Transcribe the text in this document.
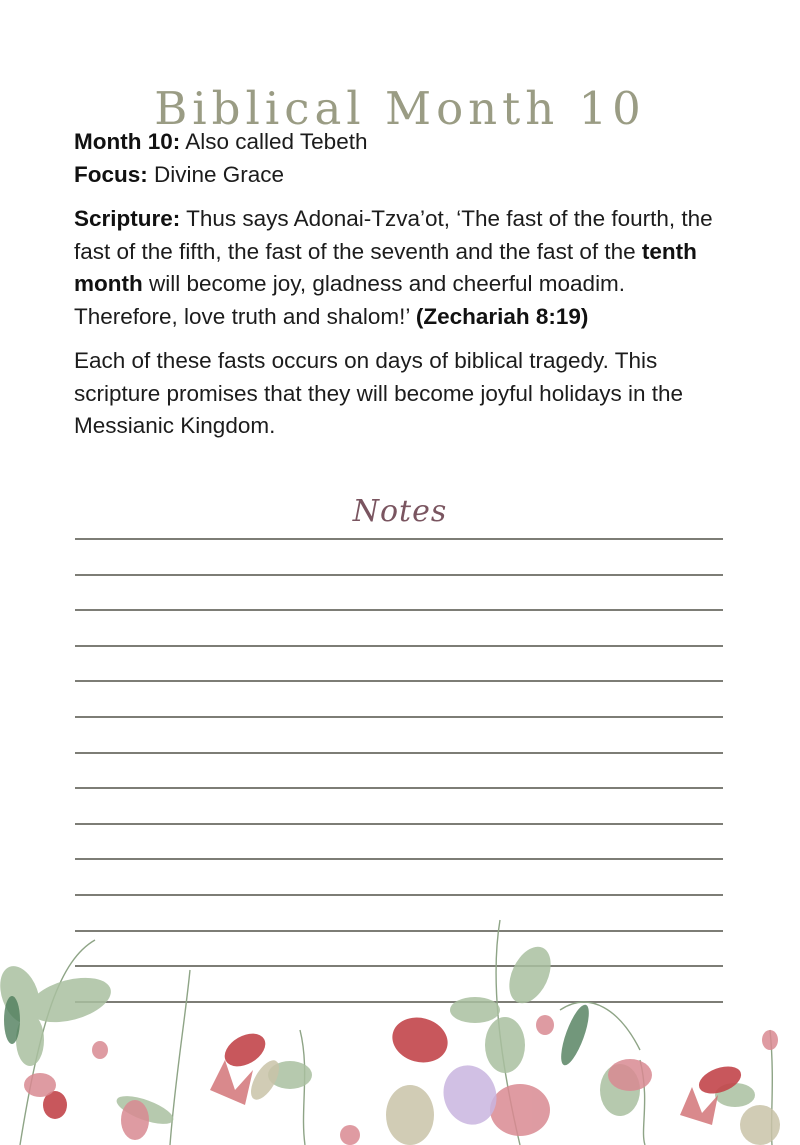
Biblical Month 10

Month 10: Also called Tebeth

Focus: Divine Grace

Scripture: Thus says Adonai-Tzva’ot, ‘The fast of the fourth, the fast of the fifth, the fast of the seventh and the fast of the tenth month will become joy, gladness and cheerful moadim. Therefore, love truth and shalom!’ (Zechariah 8:19)

Each of these fasts occurs on days of biblical tragedy. This scripture promises that they will become joyful holidays in the Messianic Kingdom.

Notes
